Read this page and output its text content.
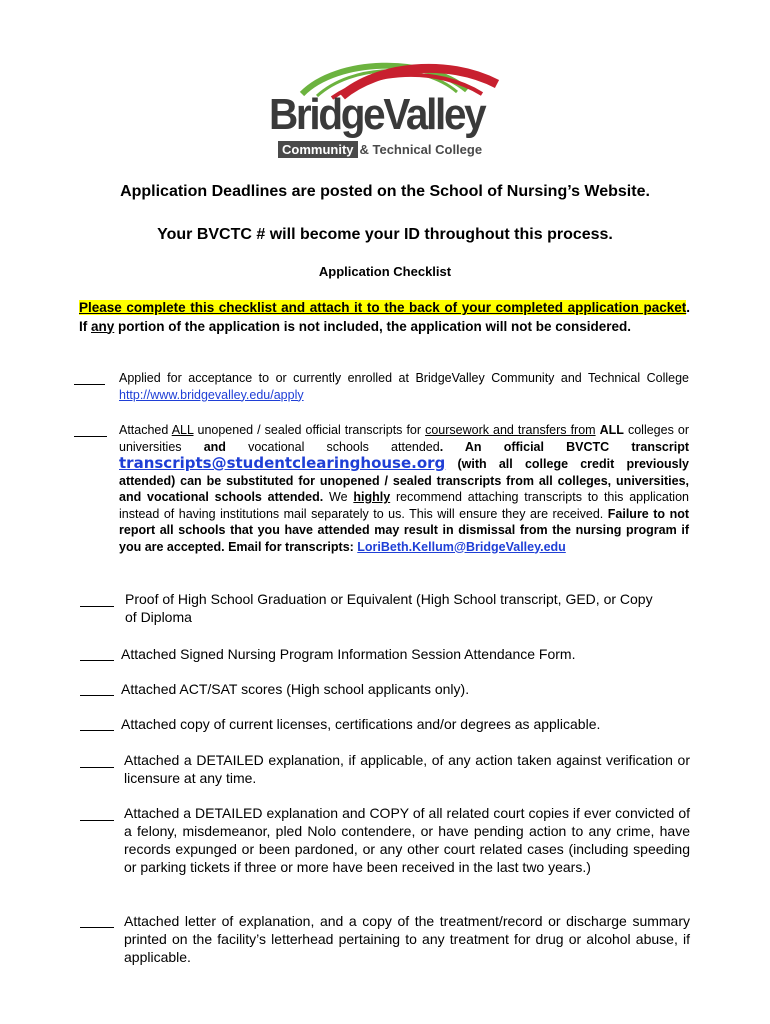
BridgeValley
Community & Technical College
Application Deadlines are posted on the School of Nursing’s Website.
Your BVCTC # will become your ID throughout this process.
Application Checklist
Please complete this checklist and attach it to the back of your completed application packet. If any portion of the application is not included, the application will not be considered.
Applied for acceptance to or currently enrolled at BridgeValley Community and Technical College http://www.bridgevalley.edu/apply
Attached ALL unopened / sealed official transcripts for coursework and transfers from ALL colleges or universities and vocational schools attended. An official BVCTC transcript transcripts@studentclearinghouse.org (with all college credit previously attended) can be substituted for unopened / sealed transcripts from all colleges, universities, and vocational schools attended. We highly recommend attaching transcripts to this application instead of having institutions mail separately to us. This will ensure they are received. Failure to not report all schools that you have attended may result in dismissal from the nursing program if you are accepted. Email for transcripts: LoriBeth.Kellum@BridgeValley.edu
Proof of High School Graduation or Equivalent (High School transcript, GED, or Copy of Diploma
Attached Signed Nursing Program Information Session Attendance Form.
Attached ACT/SAT scores (High school applicants only).
Attached copy of current licenses, certifications and/or degrees as applicable.
Attached a DETAILED explanation, if applicable, of any action taken against verification or licensure at any time.
Attached a DETAILED explanation and COPY of all related court copies if ever convicted of a felony, misdemeanor, pled Nolo contendere, or have pending action to any crime, have records expunged or been pardoned, or any other court related cases (including speeding or parking tickets if three or more have been received in the last two years.)
Attached letter of explanation, and a copy of the treatment/record or discharge summary printed on the facility’s letterhead pertaining to any treatment for drug or alcohol abuse, if applicable.
